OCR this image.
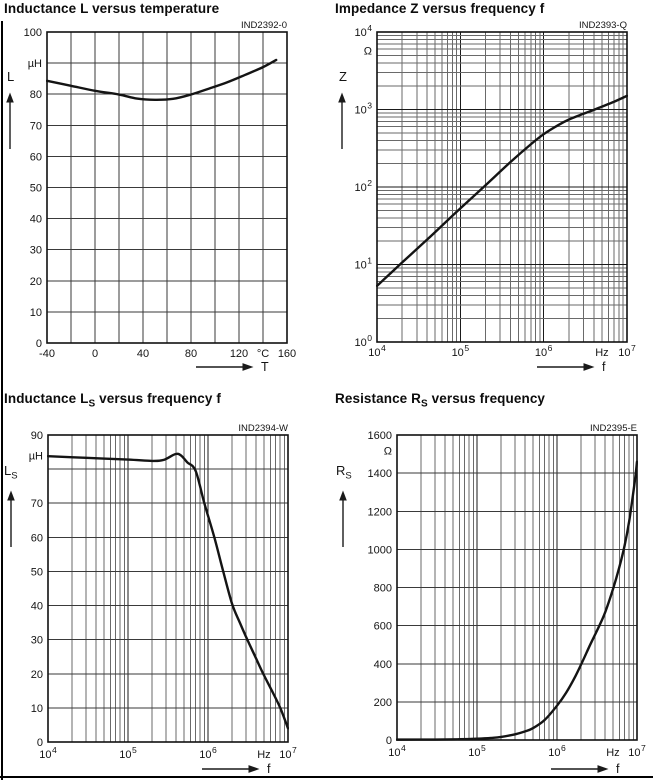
Inductance L versus temperature
L
-40	0	40	80	120 °C 160
100
µH
80
70
60
50
40
30
20
10
0
IND2392-0
T
Impedance Z versus frequency f
Z
$10^4$	$10^5$	$10^6$	Hz $10^7$
$10^4$
Ω
$10^3$
$10^2$
$10^1$
$10^0$
IND2393-Q
f
Inductance $L_S$ versus frequency f
$L_S$
$10^4$	$10^5$	$10^6$	Hz $10^7$
90
µH
70
60
50
40
30
20
10
0
IND2394-W
f
Resistance $R_S$ versus frequency
$R_S$
$10^4$	$10^5$	$10^6$	Hz $10^7$
1600
Ω
1400
1200
1000
800
600
400
200
0
IND2395-E
f
